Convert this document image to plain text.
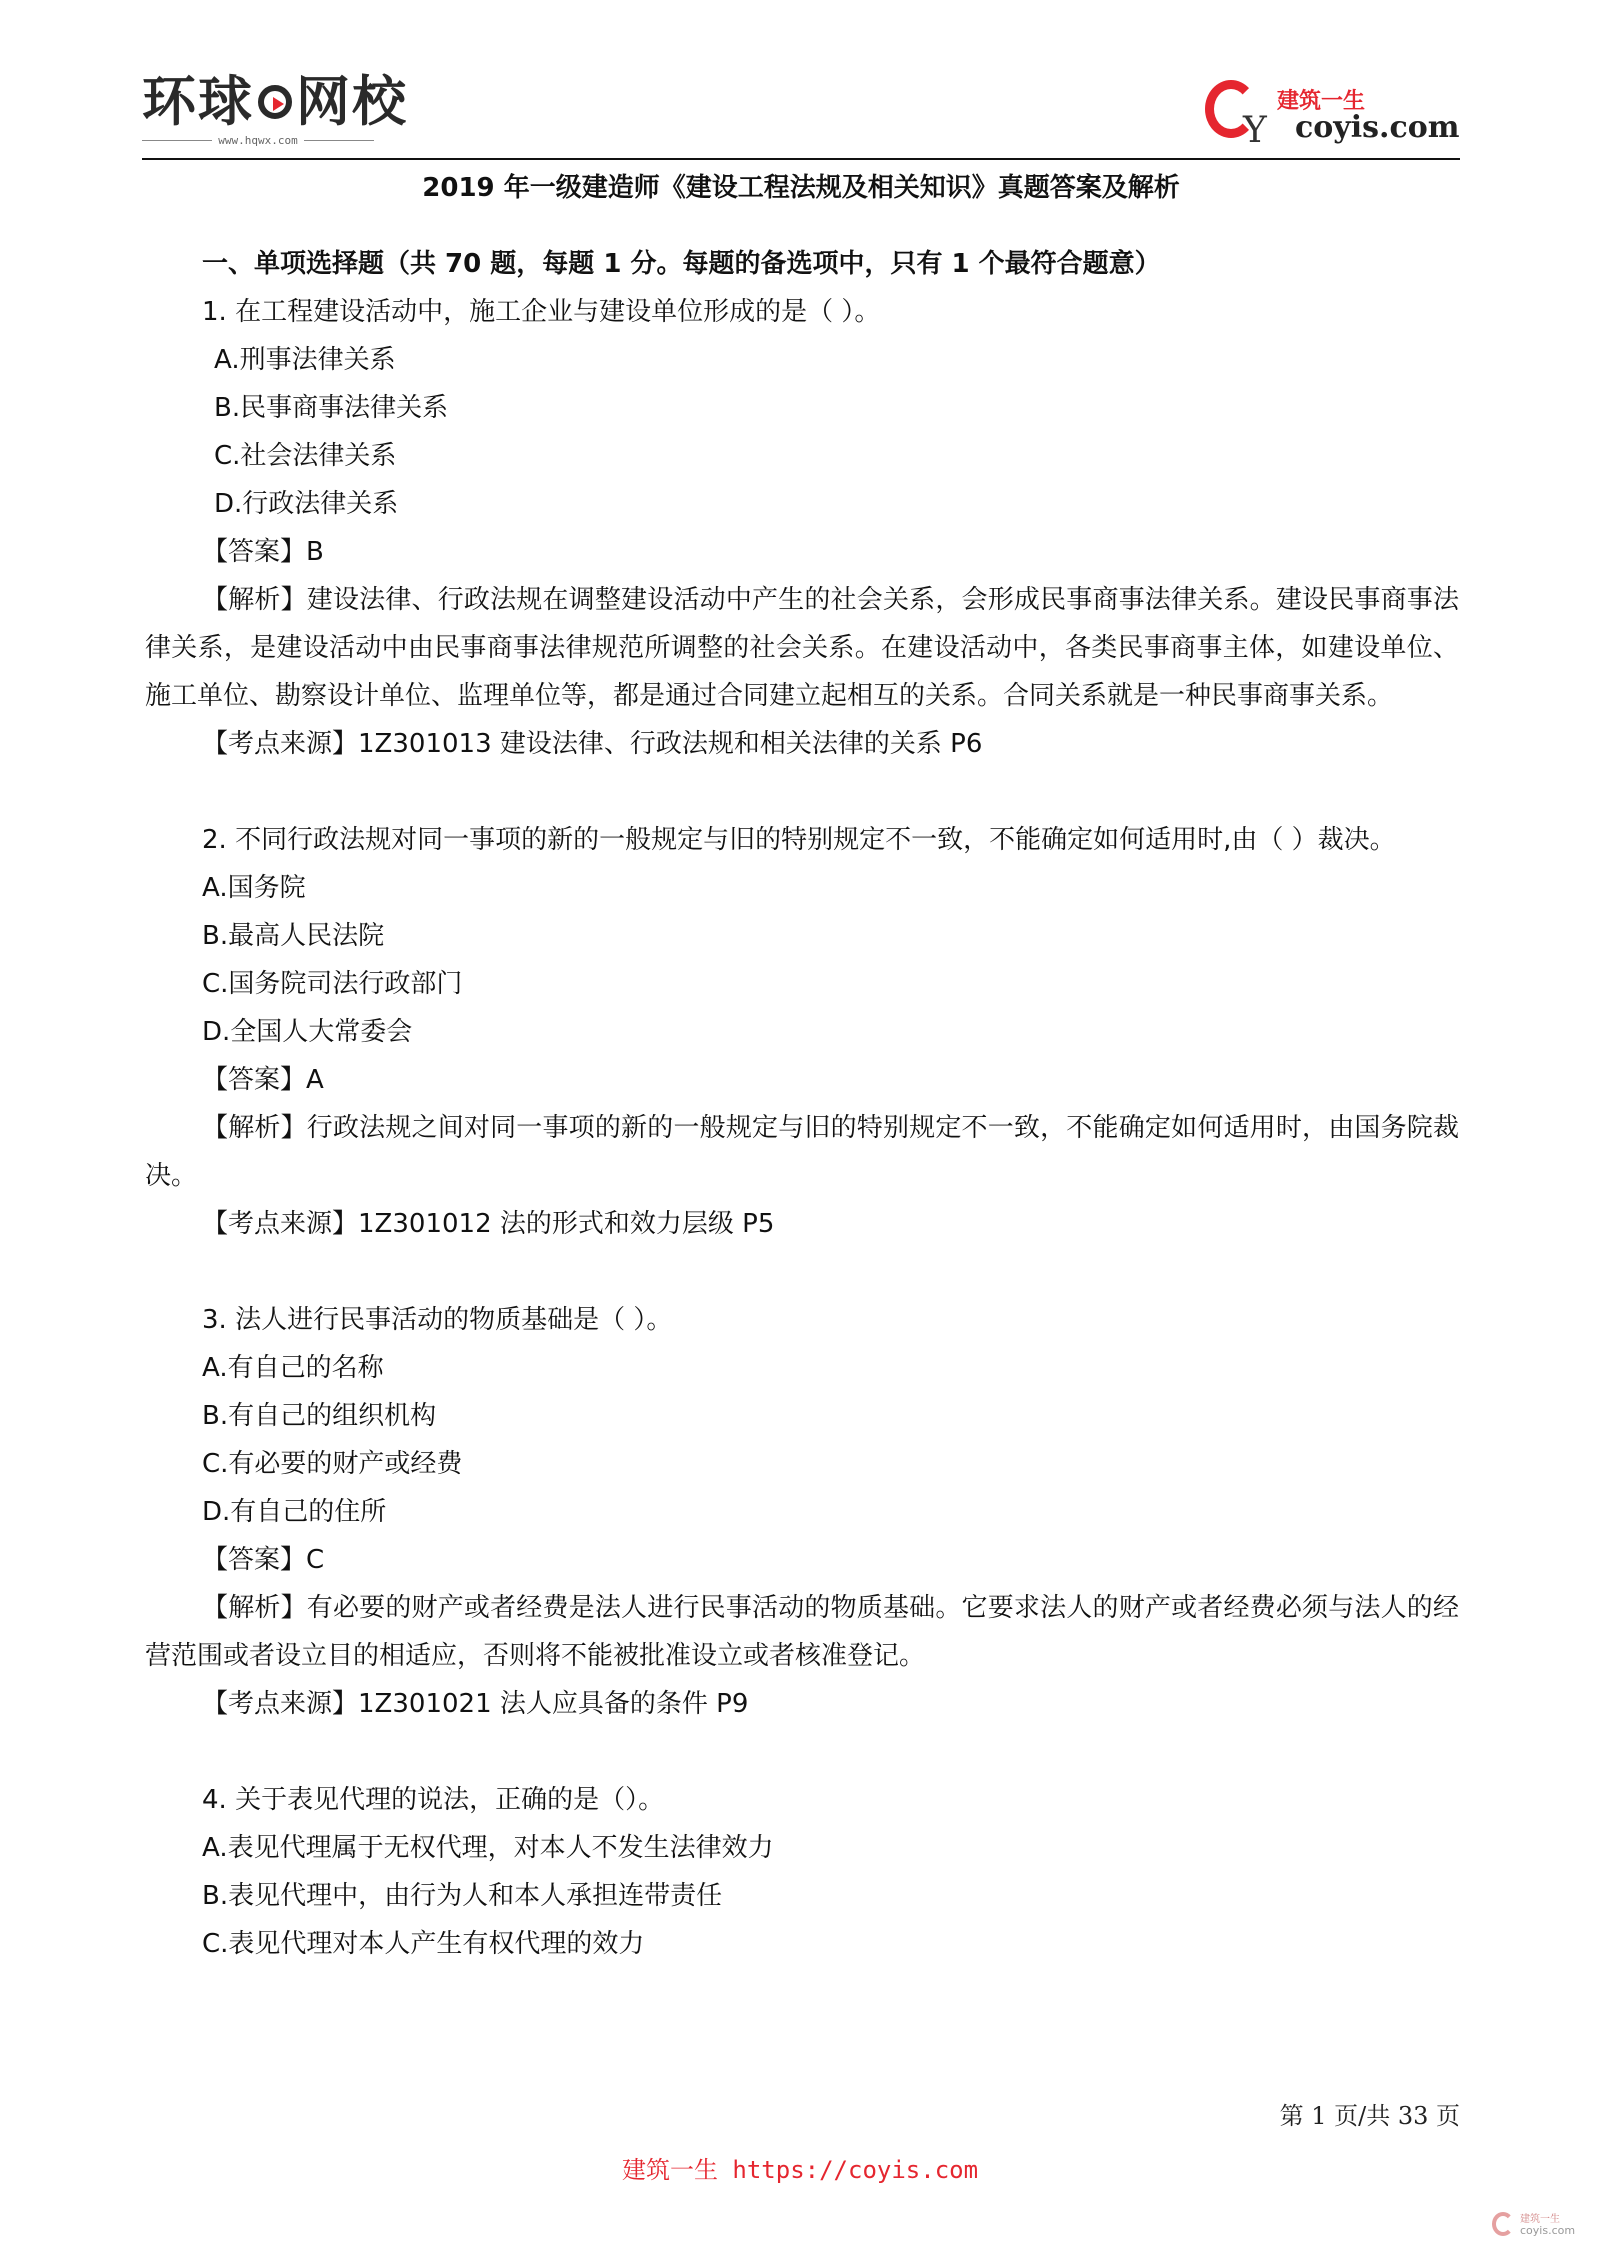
环球 网校
www.hqwx.com	Y
建筑一生
coyis.com
2019 年一级建造师《建设工程法规及相关知识》真题答案及解析
一、单项选择题（共 70 题，每题 1 分。每题的备选项中，只有 1 个最符合题意）
1. 在工程建设活动中，施工企业与建设单位形成的是（ ）。
A.刑事法律关系
B.民事商事法律关系
C.社会法律关系
D.行政法律关系
【答案】B
【解析】建设法律、行政法规在调整建设活动中产生的社会关系，会形成民事商事法律关系。建设民事商事法律关系，是建设活动中由民事商事法律规范所调整的社会关系。在建设活动中，各类民事商事主体，如建设单位、施工单位、勘察设计单位、监理单位等，都是通过合同建立起相互的关系。合同关系就是一种民事商事关系。
【考点来源】1Z301013 建设法律、行政法规和相关法律的关系 P6
2. 不同行政法规对同一事项的新的一般规定与旧的特别规定不一致，不能确定如何适用时,由（ ）裁决。
A.国务院
B.最高人民法院
C.国务院司法行政部门
D.全国人大常委会
【答案】A
【解析】行政法规之间对同一事项的新的一般规定与旧的特别规定不一致，不能确定如何适用时，由国务院裁决。
【考点来源】1Z301012 法的形式和效力层级 P5
3. 法人进行民事活动的物质基础是（ ）。
A.有自己的名称
B.有自己的组织机构
C.有必要的财产或经费
D.有自己的住所
【答案】C
【解析】有必要的财产或者经费是法人进行民事活动的物质基础。它要求法人的财产或者经费必须与法人的经营范围或者设立目的相适应，否则将不能被批准设立或者核准登记。
【考点来源】1Z301021 法人应具备的条件 P9
4. 关于表见代理的说法，正确的是（）。
A.表见代理属于无权代理，对本人不发生法律效力
B.表见代理中，由行为人和本人承担连带责任
C.表见代理对本人产生有权代理的效力
第 1 页/共 33 页
建筑一生 https://coyis.com
建筑一生
coyis.com
